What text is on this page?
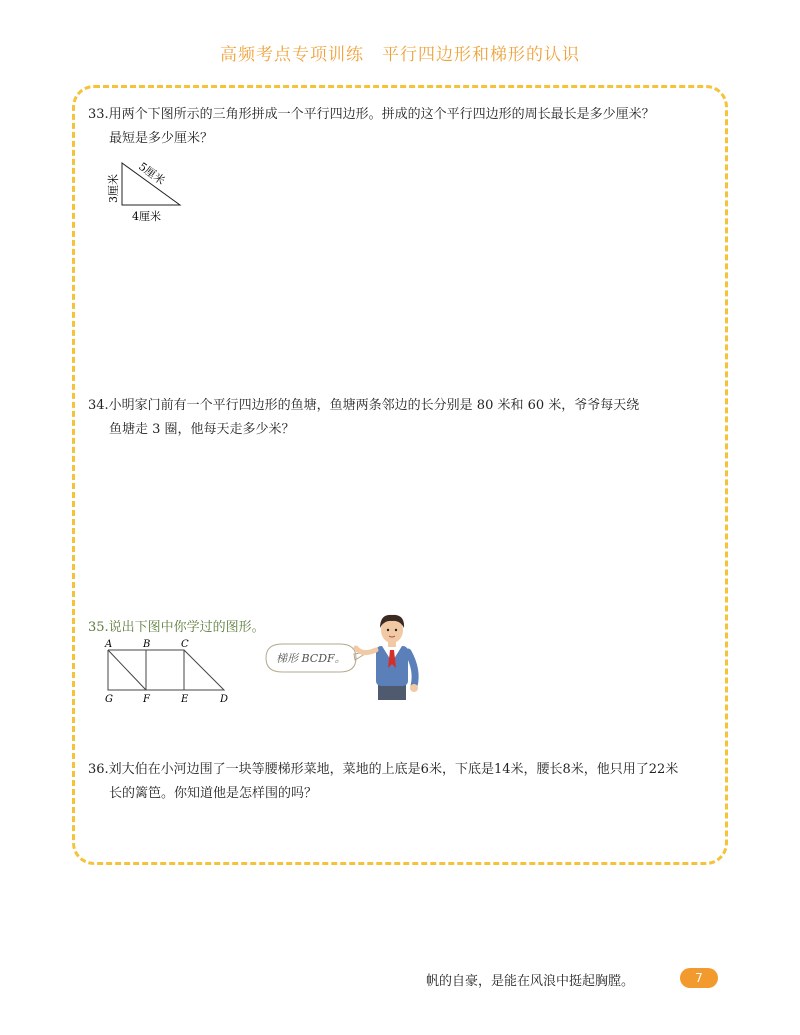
高频考点专项训练　平行四边形和梯形的认识
33.用两个下图所示的三角形拼成一个平行四边形。拼成的这个平行四边形的周长最长是多少厘米？
最短是多少厘米？
3厘米
4厘米
5厘米
34.小明家门前有一个平行四边形的鱼塘，鱼塘两条邻边的长分别是 80 米和 60 米，爷爷每天绕
鱼塘走 3 圈，他每天走多少米？
35.说出下图中你学过的图形。
A	B	C
G	F	E	D
梯形 BCDF。
36.刘大伯在小河边围了一块等腰梯形菜地，菜地的上底是6米，下底是14米，腰长8米，他只用了22米
长的篱笆。你知道他是怎样围的吗？
帆的自豪，是能在风浪中挺起胸膛。	7
